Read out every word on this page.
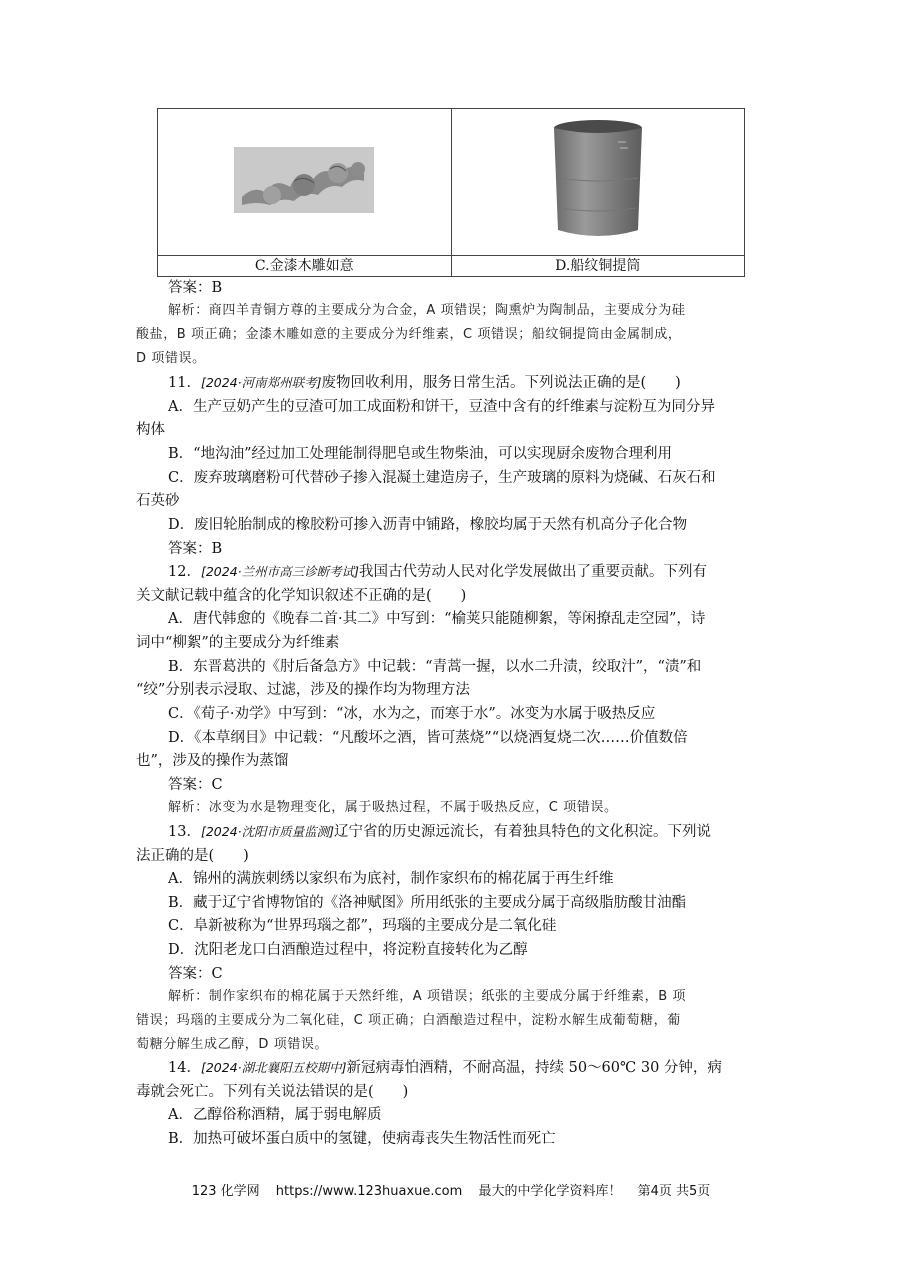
C.金漆木雕如意	D.船纹铜提筒
答案：B
解析：商四羊青铜方尊的主要成分为合金，A 项错误；陶熏炉为陶制品，主要成分为硅
酸盐，B 项正确；金漆木雕如意的主要成分为纤维素，C 项错误；船纹铜提筒由金属制成，
D 项错误。
11．[2024·河南郑州联考]废物回收利用，服务日常生活。下列说法正确的是(　　)
A．生产豆奶产生的豆渣可加工成面粉和饼干，豆渣中含有的纤维素与淀粉互为同分异
构体
B．“地沟油”经过加工处理能制得肥皂或生物柴油，可以实现厨余废物合理利用
C．废弃玻璃磨粉可代替砂子掺入混凝土建造房子，生产玻璃的原料为烧碱、石灰石和
石英砂
D．废旧轮胎制成的橡胶粉可掺入沥青中铺路，橡胶均属于天然有机高分子化合物
答案：B
12．[2024·兰州市高三诊断考试]我国古代劳动人民对化学发展做出了重要贡献。下列有
关文献记载中蕴含的化学知识叙述不正确的是(　　)
A．唐代韩愈的《晚春二首·其二》中写到：“榆荚只能随柳絮，等闲撩乱走空园”，诗
词中“柳絮”的主要成分为纤维素
B．东晋葛洪的《肘后备急方》中记载：“青蒿一握，以水二升渍，绞取汁”，“渍”和
“绞”分别表示浸取、过滤，涉及的操作均为物理方法
C．《荀子·劝学》中写到：“冰，水为之，而寒于水”。冰变为水属于吸热反应
D．《本草纲目》中记载：“凡酸坏之酒，皆可蒸烧”“以烧酒复烧二次……价值数倍
也”，涉及的操作为蒸馏
答案：C
解析：冰变为水是物理变化，属于吸热过程，不属于吸热反应，C 项错误。
13．[2024·沈阳市质量监测]辽宁省的历史源远流长，有着独具特色的文化积淀。下列说
法正确的是(　　)
A．锦州的满族刺绣以家织布为底衬，制作家织布的棉花属于再生纤维
B．藏于辽宁省博物馆的《洛神赋图》所用纸张的主要成分属于高级脂肪酸甘油酯
C．阜新被称为“世界玛瑙之都”，玛瑙的主要成分是二氧化硅
D．沈阳老龙口白酒酿造过程中，将淀粉直接转化为乙醇
答案：C
解析：制作家织布的棉花属于天然纤维，A 项错误；纸张的主要成分属于纤维素，B 项
错误；玛瑙的主要成分为二氧化硅，C 项正确；白酒酿造过程中，淀粉水解生成葡萄糖，葡
萄糖分解生成乙醇，D 项错误。
14．[2024·湖北襄阳五校期中]新冠病毒怕酒精，不耐高温，持续 50～60℃ 30 分钟，病
毒就会死亡。下列有关说法错误的是(　　)
A．乙醇俗称酒精，属于弱电解质
B．加热可破坏蛋白质中的氢键，使病毒丧失生物活性而死亡
123 化学网 https://www.123huaxue.com 最大的中学化学资料库！ 第4页 共5页
